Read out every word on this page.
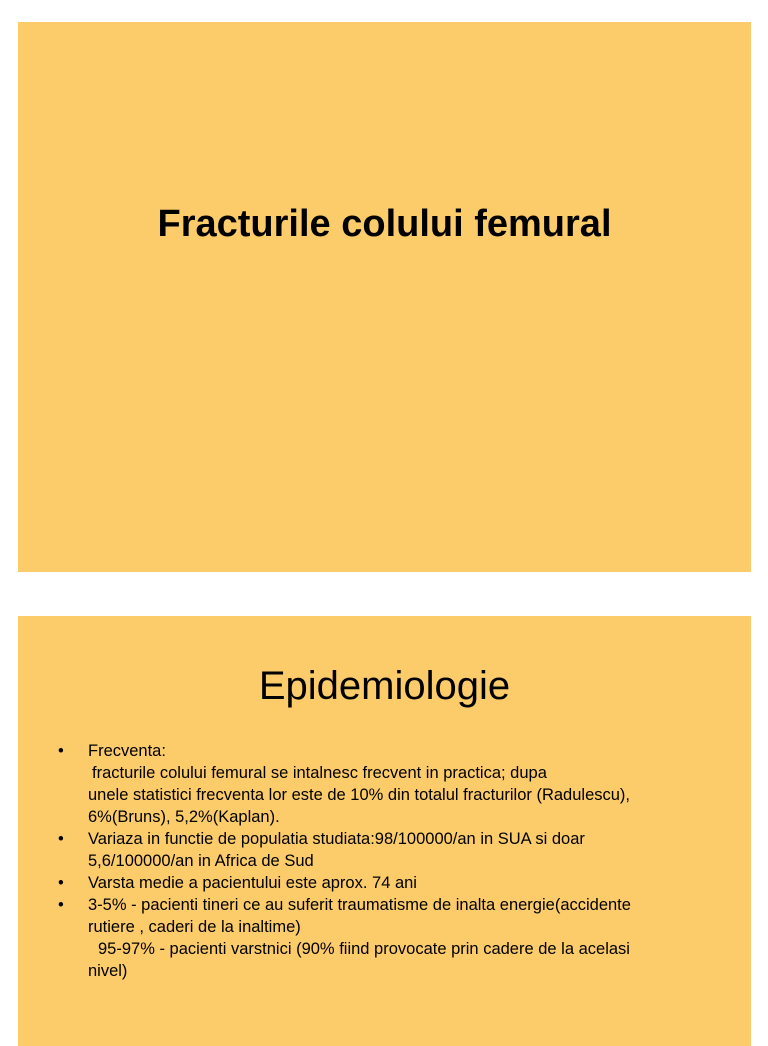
Fracturile colului femural
Epidemiologie

• Frecventa:

fracturile colului femural se intalnesc frecvent in practica; dupa

unele statistici frecventa lor este de 10% din totalul fracturilor (Radulescu),

6%(Bruns), 5,2%(Kaplan).

• Variaza in functie de populatia studiata:98/100000/an in SUA si doar

5,6/100000/an in Africa de Sud

• Varsta medie a pacientului este aprox. 74 ani

• 3-5% - pacienti tineri ce au suferit traumatisme de inalta energie(accidente

rutiere , caderi de la inaltime)

95-97% - pacienti varstnici (90% fiind provocate prin cadere de la acelasi

nivel)
